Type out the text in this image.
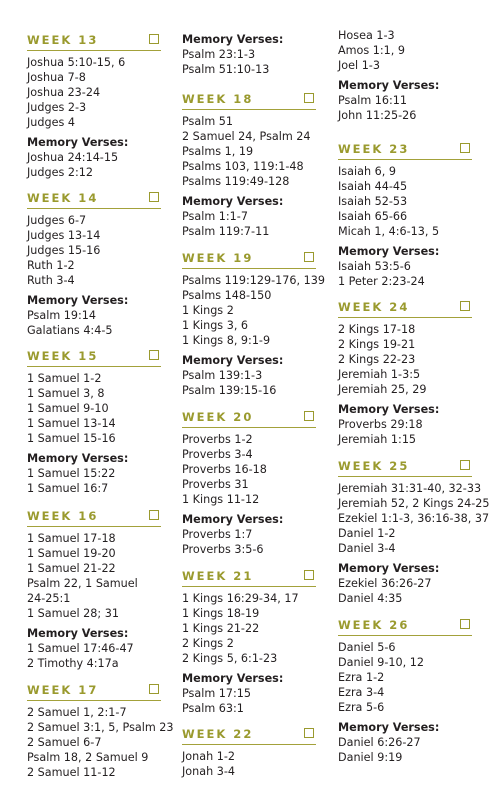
WEEK 13
Joshua 5:10-15, 6
Joshua 7-8
Joshua 23-24
Judges 2-3
Judges 4
Memory Verses:
Joshua 24:14-15
Judges 2:12
WEEK 14
Judges 6-7
Judges 13-14
Judges 15-16
Ruth 1-2
Ruth 3-4
Memory Verses:
Psalm 19:14
Galatians 4:4-5
WEEK 15
1 Samuel 1-2
1 Samuel 3, 8
1 Samuel 9-10
1 Samuel 13-14
1 Samuel 15-16
Memory Verses:
1 Samuel 15:22
1 Samuel 16:7
WEEK 16
1 Samuel 17-18
1 Samuel 19-20
1 Samuel 21-22
Psalm 22, 1 Samuel
24-25:1
1 Samuel 28; 31
Memory Verses:
1 Samuel 17:46-47
2 Timothy 4:17a
WEEK 17
2 Samuel 1, 2:1-7
2 Samuel 3:1, 5, Psalm 23
2 Samuel 6-7
Psalm 18, 2 Samuel 9
2 Samuel 11-12
Memory Verses:
Psalm 23:1-3
Psalm 51:10-13
WEEK 18
Psalm 51
2 Samuel 24, Psalm 24
Psalms 1, 19
Psalms 103, 119:1-48
Psalms 119:49-128
Memory Verses:
Psalm 1:1-7
Psalm 119:7-11
WEEK 19
Psalms 119:129-176, 139
Psalms 148-150
1 Kings 2
1 Kings 3, 6
1 Kings 8, 9:1-9
Memory Verses:
Psalm 139:1-3
Psalm 139:15-16
WEEK 20
Proverbs 1-2
Proverbs 3-4
Proverbs 16-18
Proverbs 31
1 Kings 11-12
Memory Verses:
Proverbs 1:7
Proverbs 3:5-6
WEEK 21
1 Kings 16:29-34, 17
1 Kings 18-19
1 Kings 21-22
2 Kings 2
2 Kings 5, 6:1-23
Memory Verses:
Psalm 17:15
Psalm 63:1
WEEK 22
Jonah 1-2
Jonah 3-4
Hosea 1-3
Amos 1:1, 9
Joel 1-3
Memory Verses:
Psalm 16:11
John 11:25-26
WEEK 23
Isaiah 6, 9
Isaiah 44-45
Isaiah 52-53
Isaiah 65-66
Micah 1, 4:6-13, 5
Memory Verses:
Isaiah 53:5-6
1 Peter 2:23-24
WEEK 24
2 Kings 17-18
2 Kings 19-21
2 Kings 22-23
Jeremiah 1-3:5
Jeremiah 25, 29
Memory Verses:
Proverbs 29:18
Jeremiah 1:15
WEEK 25
Jeremiah 31:31-40, 32-33
Jeremiah 52, 2 Kings 24-25
Ezekiel 1:1-3, 36:16-38, 37
Daniel 1-2
Daniel 3-4
Memory Verses:
Ezekiel 36:26-27
Daniel 4:35
WEEK 26
Daniel 5-6
Daniel 9-10, 12
Ezra 1-2
Ezra 3-4
Ezra 5-6
Memory Verses:
Daniel 6:26-27
Daniel 9:19
